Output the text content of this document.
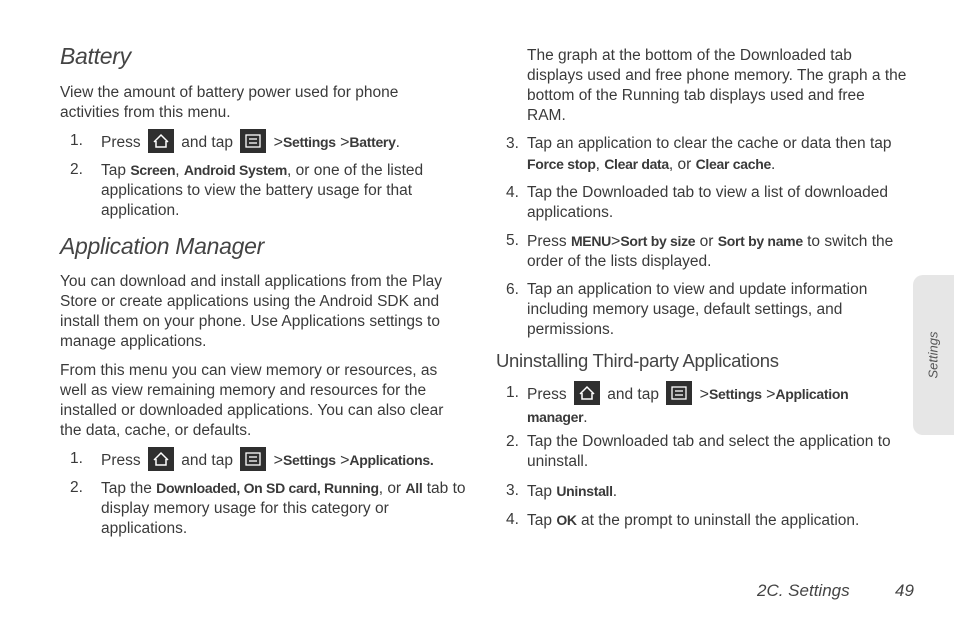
Battery

View the amount of battery power used for phone activities from this menu.

1. Press	and tap	>Settings >Battery.
2. Tap Screen, Android System, or one of the listed applications to view the battery usage for that application.
Application Manager

You can download and install applications from the Play Store or create applications using the Android SDK and install them on your phone. Use Applications settings to manage applications.

From this menu you can view memory or resources, as well as view remaining memory and resources for the installed or downloaded applications. You can also clear the data, cache, or defaults.

1. Press	and tap	>Settings >Applications.
2. Tap the Downloaded, On SD card, Running, or All tab to display memory usage for this category or applications.

The graph at the bottom of the Downloaded tab displays used and free phone memory. The graph a the bottom of the Running tab displays used and free RAM.

3. Tap an application to clear the cache or data then tap Force stop, Clear data, or Clear cache.
4. Tap the Downloaded tab to view a list of downloaded applications.
5. Press MENU>Sort by size or Sort by name to switch the order of the lists displayed.
6. Tap an application to view and update information including memory usage, default settings, and permissions.
Uninstalling Third-party Applications
1. Press	and tap	>Settings >Application manager.
2. Tap the Downloaded tab and select the application to uninstall.
3. Tap Uninstall.
4. Tap OK at the prompt to uninstall the application.
Settings
2C. Settings	49
